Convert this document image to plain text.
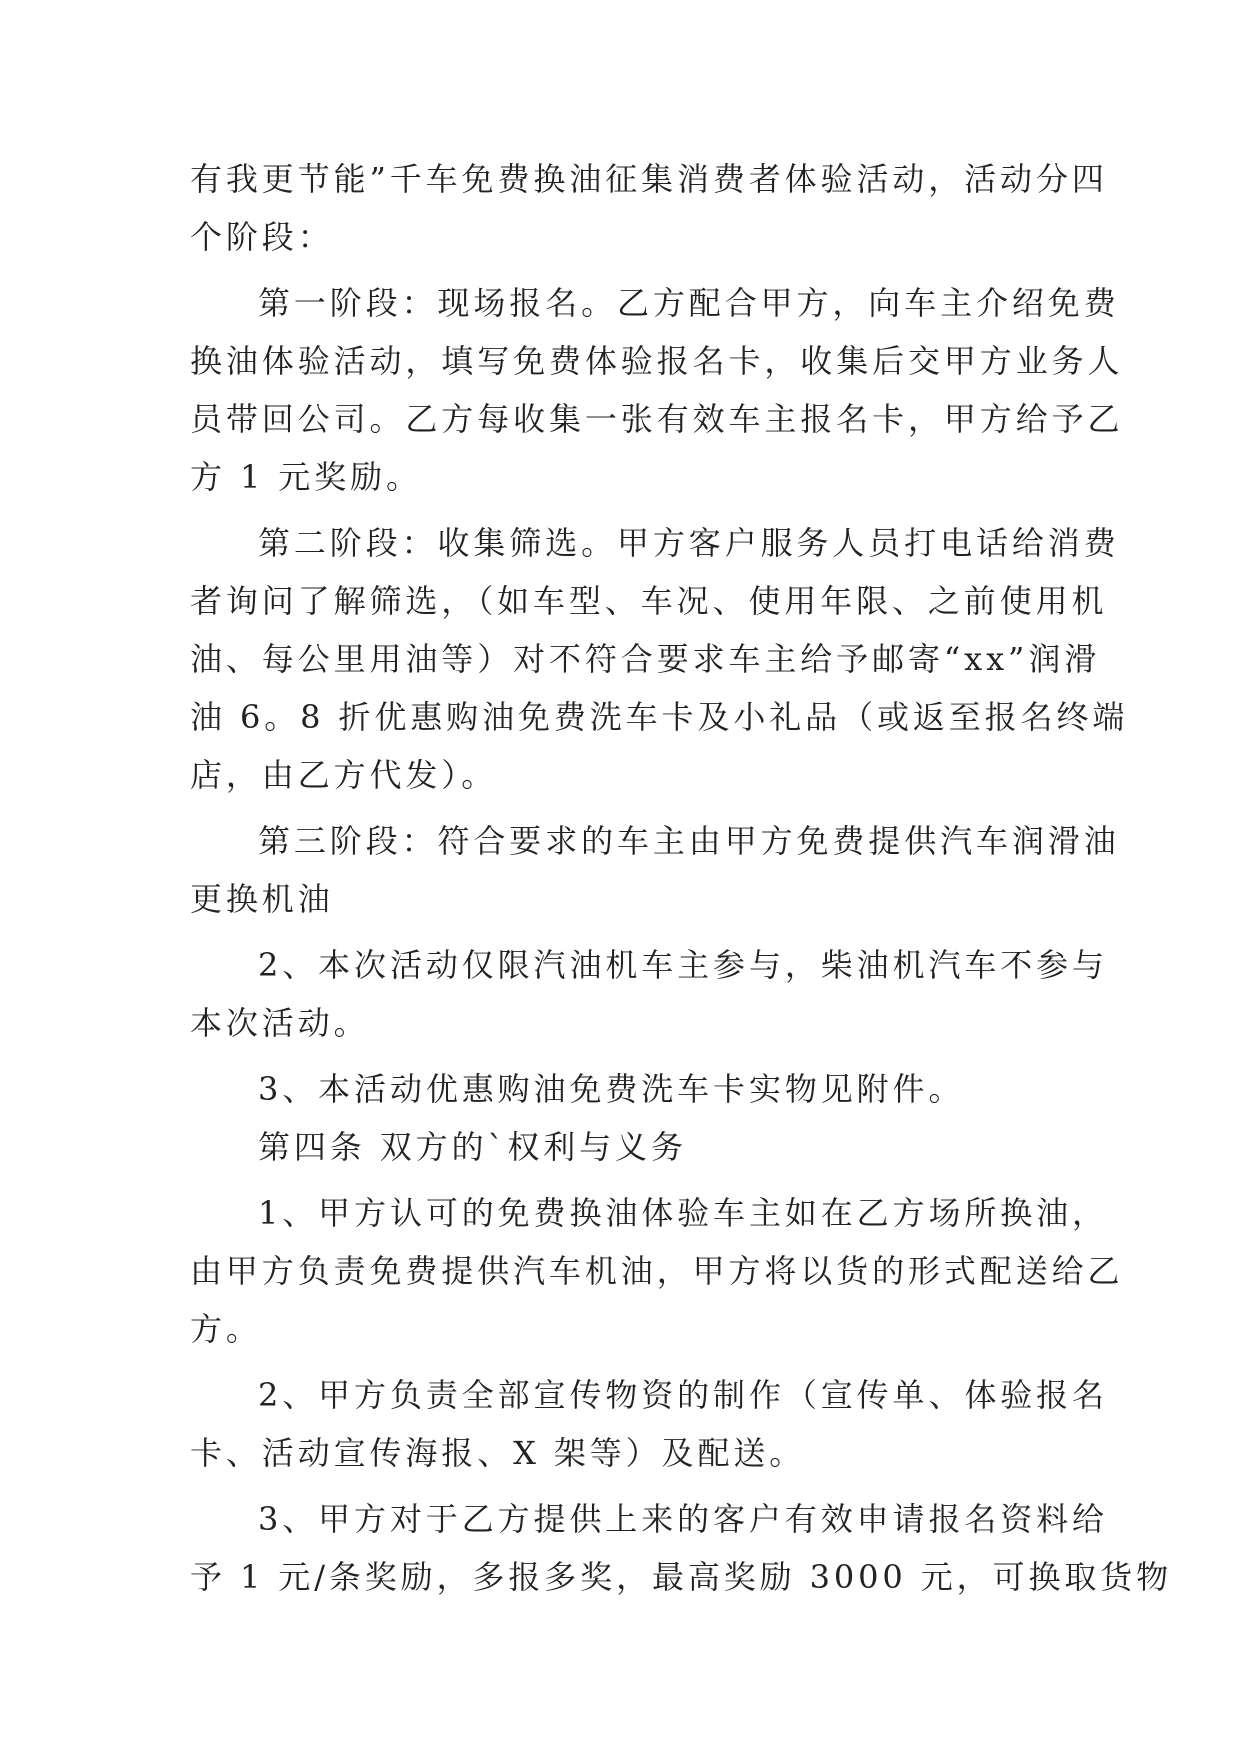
有我更节能”千车免费换油征集消费者体验活动，活动分四
个阶段：
第一阶段：现场报名。乙方配合甲方，向车主介绍免费
换油体验活动，填写免费体验报名卡，收集后交甲方业务人
员带回公司。乙方每收集一张有效车主报名卡，甲方给予乙
方 1 元奖励。
第二阶段：收集筛选。甲方客户服务人员打电话给消费
者询问了解筛选，（如车型、车况、使用年限、之前使用机
油、每公里用油等）对不符合要求车主给予邮寄“xx”润滑
油 6。8 折优惠购油免费洗车卡及小礼品（或返至报名终端
店，由乙方代发）。
第三阶段：符合要求的车主由甲方免费提供汽车润滑油
更换机油
2、本次活动仅限汽油机车主参与，柴油机汽车不参与
本次活动。
3、本活动优惠购油免费洗车卡实物见附件。
第四条 双方的`权利与义务
1、甲方认可的免费换油体验车主如在乙方场所换油，
由甲方负责免费提供汽车机油，甲方将以货的形式配送给乙
方。
2、甲方负责全部宣传物资的制作（宣传单、体验报名
卡、活动宣传海报、X 架等）及配送。
3、甲方对于乙方提供上来的客户有效申请报名资料给
予 1 元/条奖励，多报多奖，最高奖励 3000 元，可换取货物
